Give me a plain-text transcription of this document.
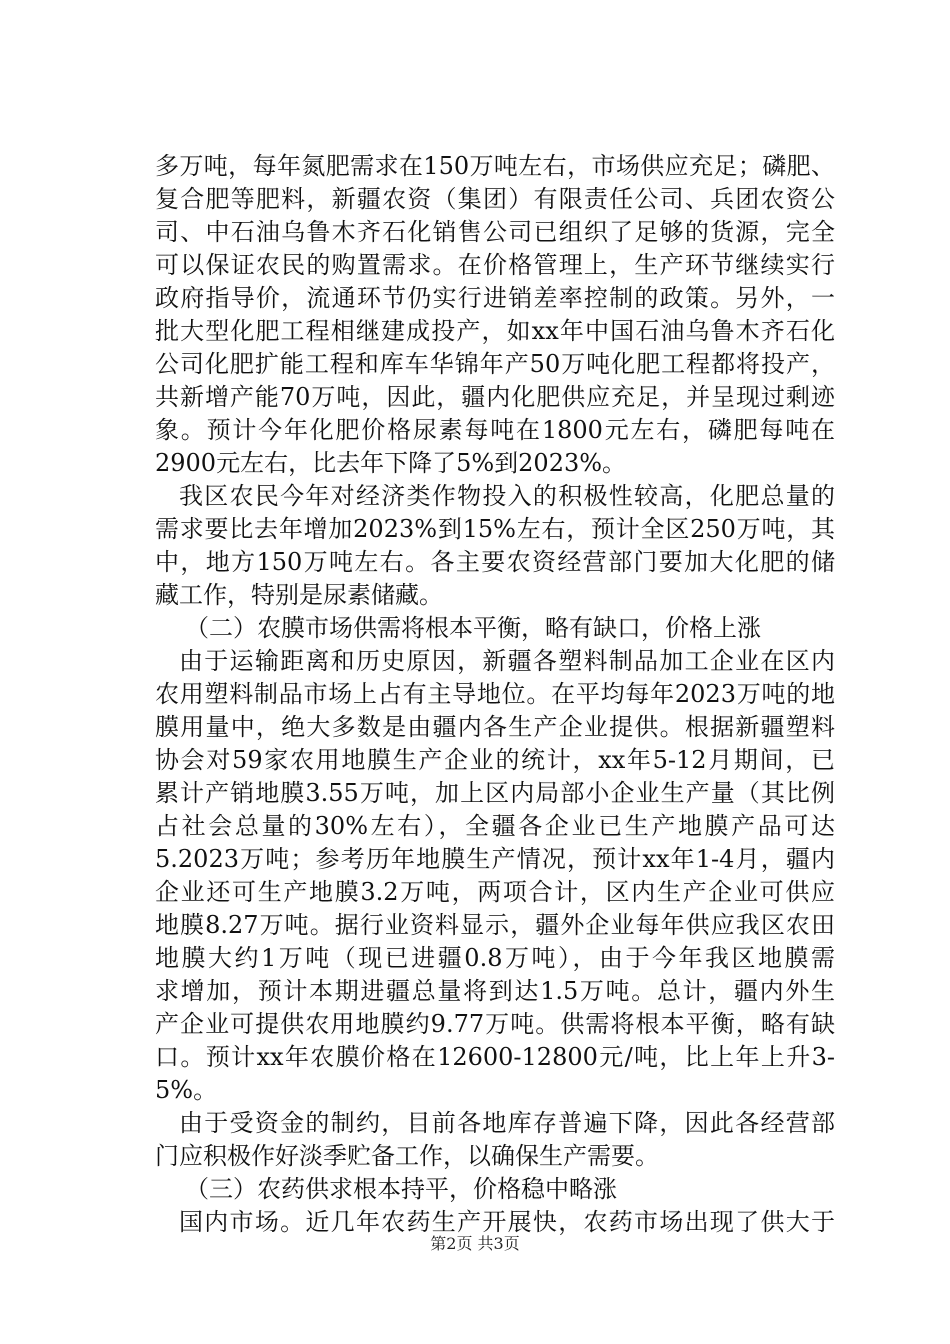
多万吨，每年氮肥需求在150万吨左右，市场供应充足；磷肥、
复合肥等肥料，新疆农资（集团）有限责任公司、兵团农资公
司、中石油乌鲁木齐石化销售公司已组织了足够的货源，完全
可以保证农民的购置需求。在价格管理上，生产环节继续实行
政府指导价，流通环节仍实行进销差率控制的政策。另外，一
批大型化肥工程相继建成投产，如xx年中国石油乌鲁木齐石化
公司化肥扩能工程和库车华锦年产50万吨化肥工程都将投产，
共新增产能70万吨，因此，疆内化肥供应充足，并呈现过剩迹
象。预计今年化肥价格尿素每吨在1800元左右，磷肥每吨在
2900元左右，比去年下降了5%到2023%。
我区农民今年对经济类作物投入的积极性较高，化肥总量的
需求要比去年增加2023%到15%左右，预计全区250万吨，其
中，地方150万吨左右。各主要农资经营部门要加大化肥的储
藏工作，特别是尿素储藏。
（二）农膜市场供需将根本平衡，略有缺口，价格上涨
由于运输距离和历史原因，新疆各塑料制品加工企业在区内
农用塑料制品市场上占有主导地位。在平均每年2023万吨的地
膜用量中，绝大多数是由疆内各生产企业提供。根据新疆塑料
协会对59家农用地膜生产企业的统计，xx年5-12月期间，已
累计产销地膜3.55万吨，加上区内局部小企业生产量（其比例
占社会总量的30%左右），全疆各企业已生产地膜产品可达
5.2023万吨；参考历年地膜生产情况，预计xx年1-4月，疆内
企业还可生产地膜3.2万吨，两项合计，区内生产企业可供应
地膜8.27万吨。据行业资料显示，疆外企业每年供应我区农田
地膜大约1万吨（现已进疆0.8万吨），由于今年我区地膜需
求增加，预计本期进疆总量将到达1.5万吨。总计，疆内外生
产企业可提供农用地膜约9.77万吨。供需将根本平衡，略有缺
口。预计xx年农膜价格在12600-12800元/吨，比上年上升3-
5%。
由于受资金的制约，目前各地库存普遍下降，因此各经营部
门应积极作好淡季贮备工作，以确保生产需要。
（三）农药供求根本持平，价格稳中略涨
国内市场。近几年农药生产开展快，农药市场出现了供大于
第2页 共3页
